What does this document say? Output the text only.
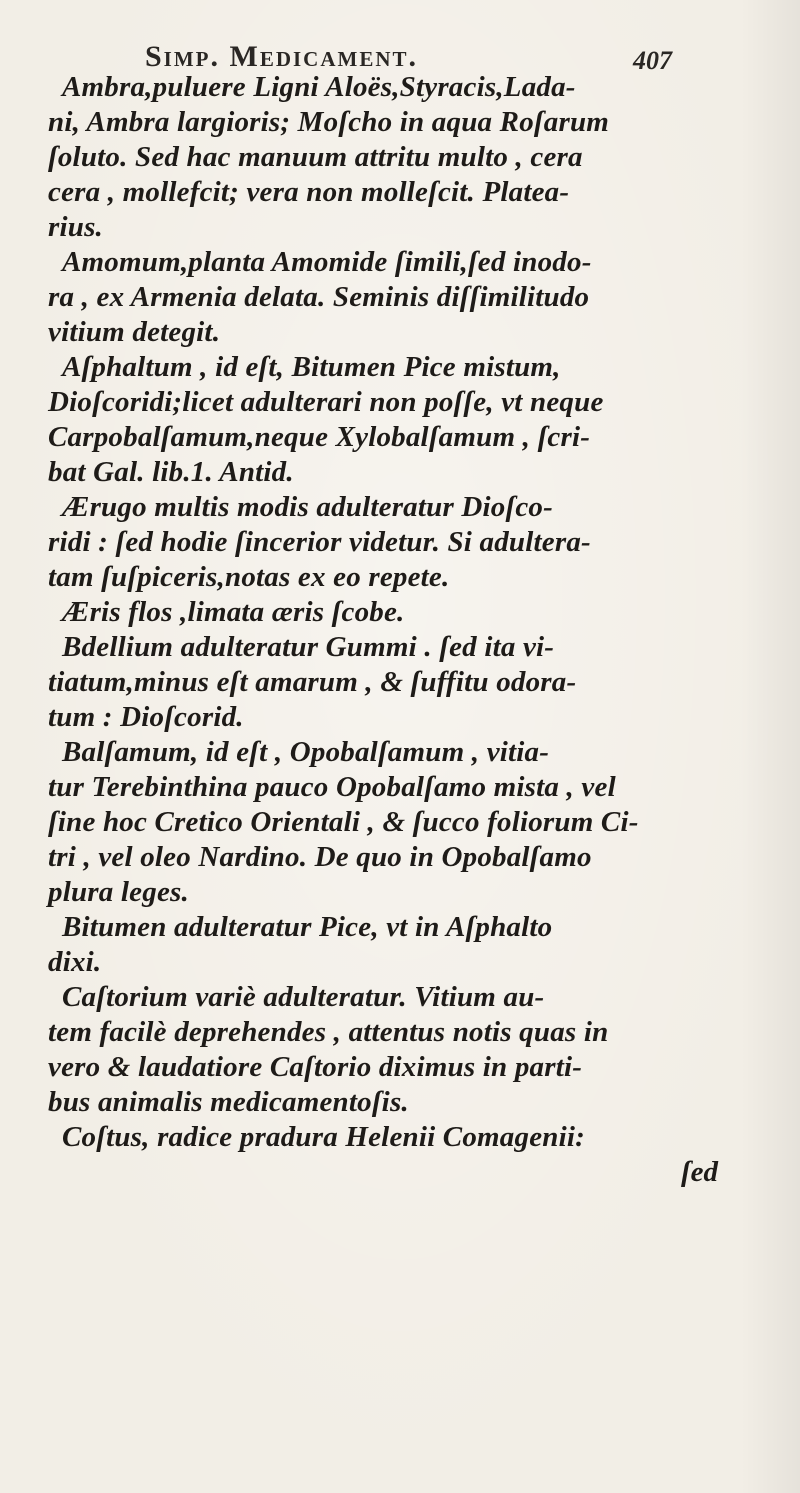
Simp. Medicament.	407
Ambra,puluere Ligni Aloës,Styracis,Lada-
ni, Ambra largioris; Moſcho in aqua Roſarum
ſoluto. Sed hac manuum attritu multo , cera
cera , mollefcit; vera non molleſcit. Platea-
rius.
Amomum,planta Amomide ſimili,ſed inodo-
ra , ex Armenia delata. Seminis diſſimilitudo
vitium detegit.
Aſphaltum , id eſt, Bitumen Pice mistum,
Dioſcoridi;licet adulterari non poſſe, vt neque
Carpobalſamum,neque Xylobalſamum , ſcri-
bat Gal. lib.1. Antid.
Ærugo multis modis adulteratur Dioſco-
ridi : ſed hodie ſincerior videtur. Si adultera-
tam ſuſpiceris,notas ex eo repete.
Æris flos ,limata æris ſcobe.
Bdellium adulteratur Gummi . ſed ita vi-
tiatum,minus eſt amarum , & ſuffitu odora-
tum : Dioſcorid.
Balſamum, id eſt , Opobalſamum , vitia-
tur Terebinthina pauco Opobalſamo mista , vel
ſine hoc Cretico Orientali , & ſucco foliorum Ci-
tri , vel oleo Nardino. De quo in Opobalſamo
plura leges.
Bitumen adulteratur Pice, vt in Aſphalto
dixi.
Caſtorium variè adulteratur. Vitium au-
tem facilè deprehendes , attentus notis quas in
vero & laudatiore Caſtorio diximus in parti-
bus animalis medicamentoſis.
Coſtus, radice pradura Helenii Comagenii:
ſed
